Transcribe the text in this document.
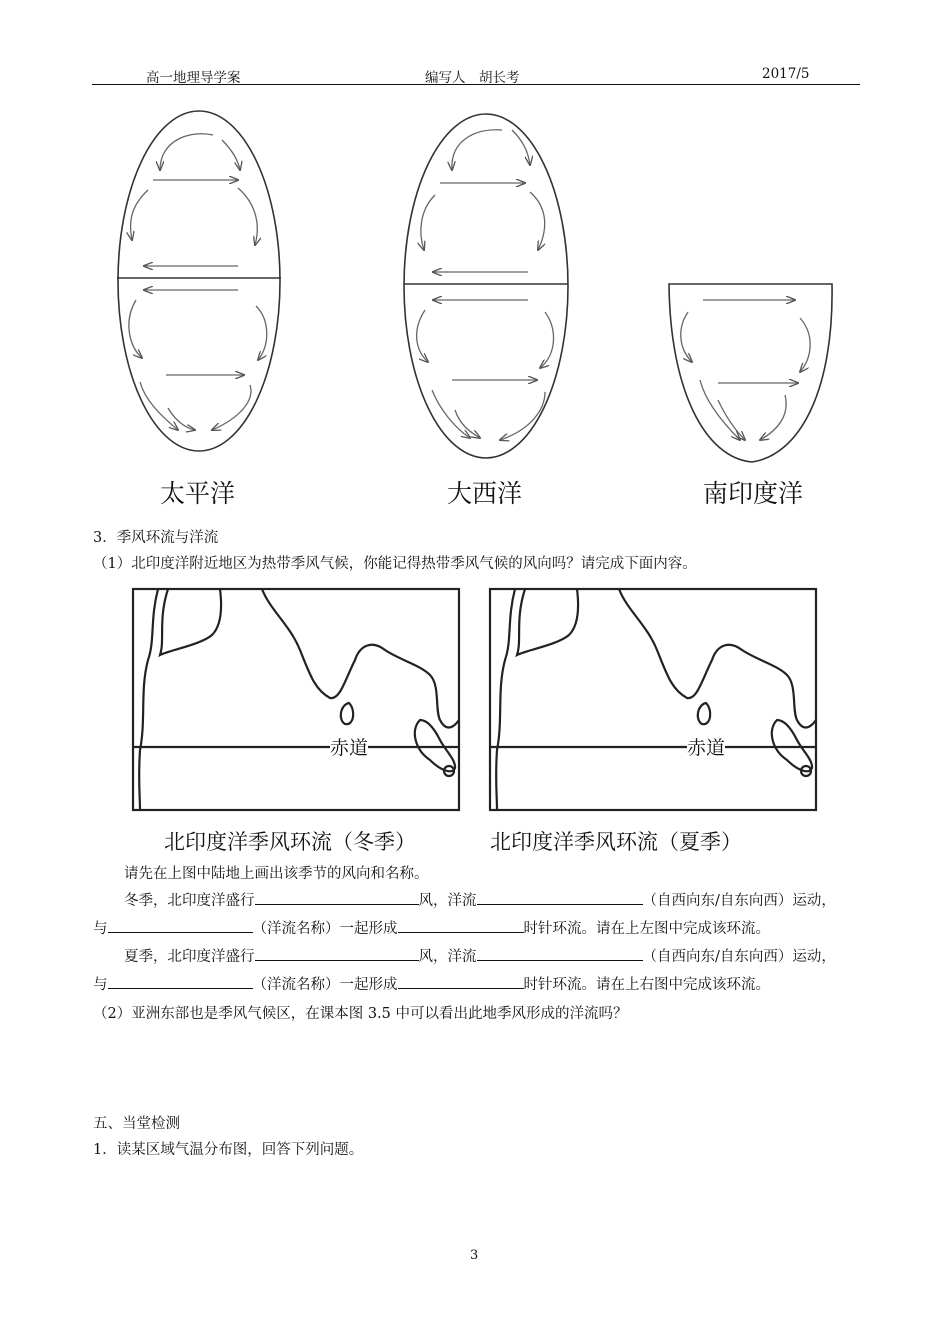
高一地理导学案	编写人　胡长考	2017/5
太平洋	大西洋	南印度洋
3．季风环流与洋流
（1）北印度洋附近地区为热带季风气候，你能记得热带季风气候的风向吗？请完成下面内容。
赤道	赤道
北印度洋季风环流（冬季）	北印度洋季风环流（夏季）
请先在上图中陆地上画出该季节的风向和名称。
冬季，北印度洋盛行	风，洋流	（自西向东/自东向西）运动，
与	（洋流名称）一起形成	时针环流。请在上左图中完成该环流。
夏季，北印度洋盛行	风，洋流	（自西向东/自东向西）运动，
与	（洋流名称）一起形成	时针环流。请在上右图中完成该环流。
（2）亚洲东部也是季风气候区，在课本图 3.5 中可以看出此地季风形成的洋流吗？
五、当堂检测
1．读某区域气温分布图，回答下列问题。
3
